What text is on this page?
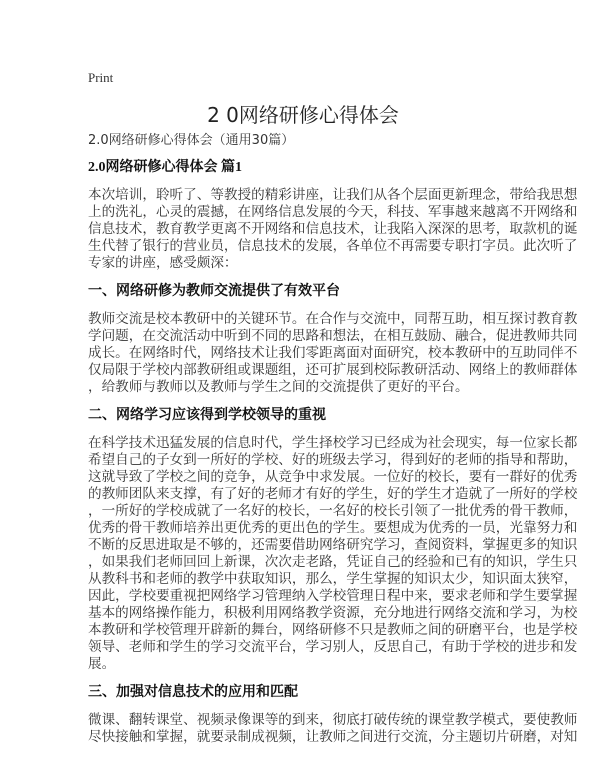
Print
2 0网络研修心得体会
2.0网络研修心得体会（通用30篇）
2.0网络研修心得体会 篇1
本次培训，聆听了、等教授的精彩讲座，让我们从各个层面更新理念，带给我思想
上的洗礼，心灵的震撼，在网络信息发展的今天，科技、军事越来越离不开网络和
信息技术，教育教学更离不开网络和信息技术，让我陷入深深的思考，取款机的诞
生代替了银行的营业员，信息技术的发展，各单位不再需要专职打字员。此次听了
专家的讲座，感受颇深：
一、网络研修为教师交流提供了有效平台
教师交流是校本教研中的关键环节。在合作与交流中，同帮互助，相互探讨教育教
学问题，在交流活动中听到不同的思路和想法，在相互鼓励、融合，促进教师共同
成长。在网络时代，网络技术让我们零距离面对面研究，校本教研中的互助同伴不
仅局限于学校内部教研组或课题组，还可扩展到校际教研活动、网络上的教师群体
，给教师与教师以及教师与学生之间的交流提供了更好的平台。
二、网络学习应该得到学校领导的重视
在科学技术迅猛发展的信息时代，学生择校学习已经成为社会现实，每一位家长都
希望自己的子女到一所好的学校、好的班级去学习，得到好的老师的指导和帮助，
这就导致了学校之间的竞争，从竞争中求发展。一位好的校长，要有一群好的优秀
的教师团队来支撑，有了好的老师才有好的学生，好的学生才造就了一所好的学校
，一所好的学校成就了一名好的校长，一名好的校长引领了一批优秀的骨干教师，
优秀的骨干教师培养出更优秀的更出色的学生。要想成为优秀的一员，光靠努力和
不断的反思进取是不够的，还需要借助网络研究学习，查阅资料，掌握更多的知识
，如果我们老师回回上新课，次次走老路，凭证自己的经验和已有的知识，学生只
从教科书和老师的教学中获取知识，那么，学生掌握的知识太少，知识面太狭窄，
因此，学校要重视把网络学习管理纳入学校管理日程中来，要求老师和学生要掌握
基本的网络操作能力，积极利用网络教学资源，充分地进行网络交流和学习，为校
本教研和学校管理开辟新的舞台，网络研修不只是教师之间的研磨平台，也是学校
领导、老师和学生的学习交流平台，学习别人，反思自己，有助于学校的进步和发
展。
三、加强对信息技术的应用和匹配
微课、翻转课堂、视频录像课等的到来，彻底打破传统的课堂教学模式，要使教师
尽快接触和掌握，就要录制成视频，让教师之间进行交流，分主题切片研磨，对知
